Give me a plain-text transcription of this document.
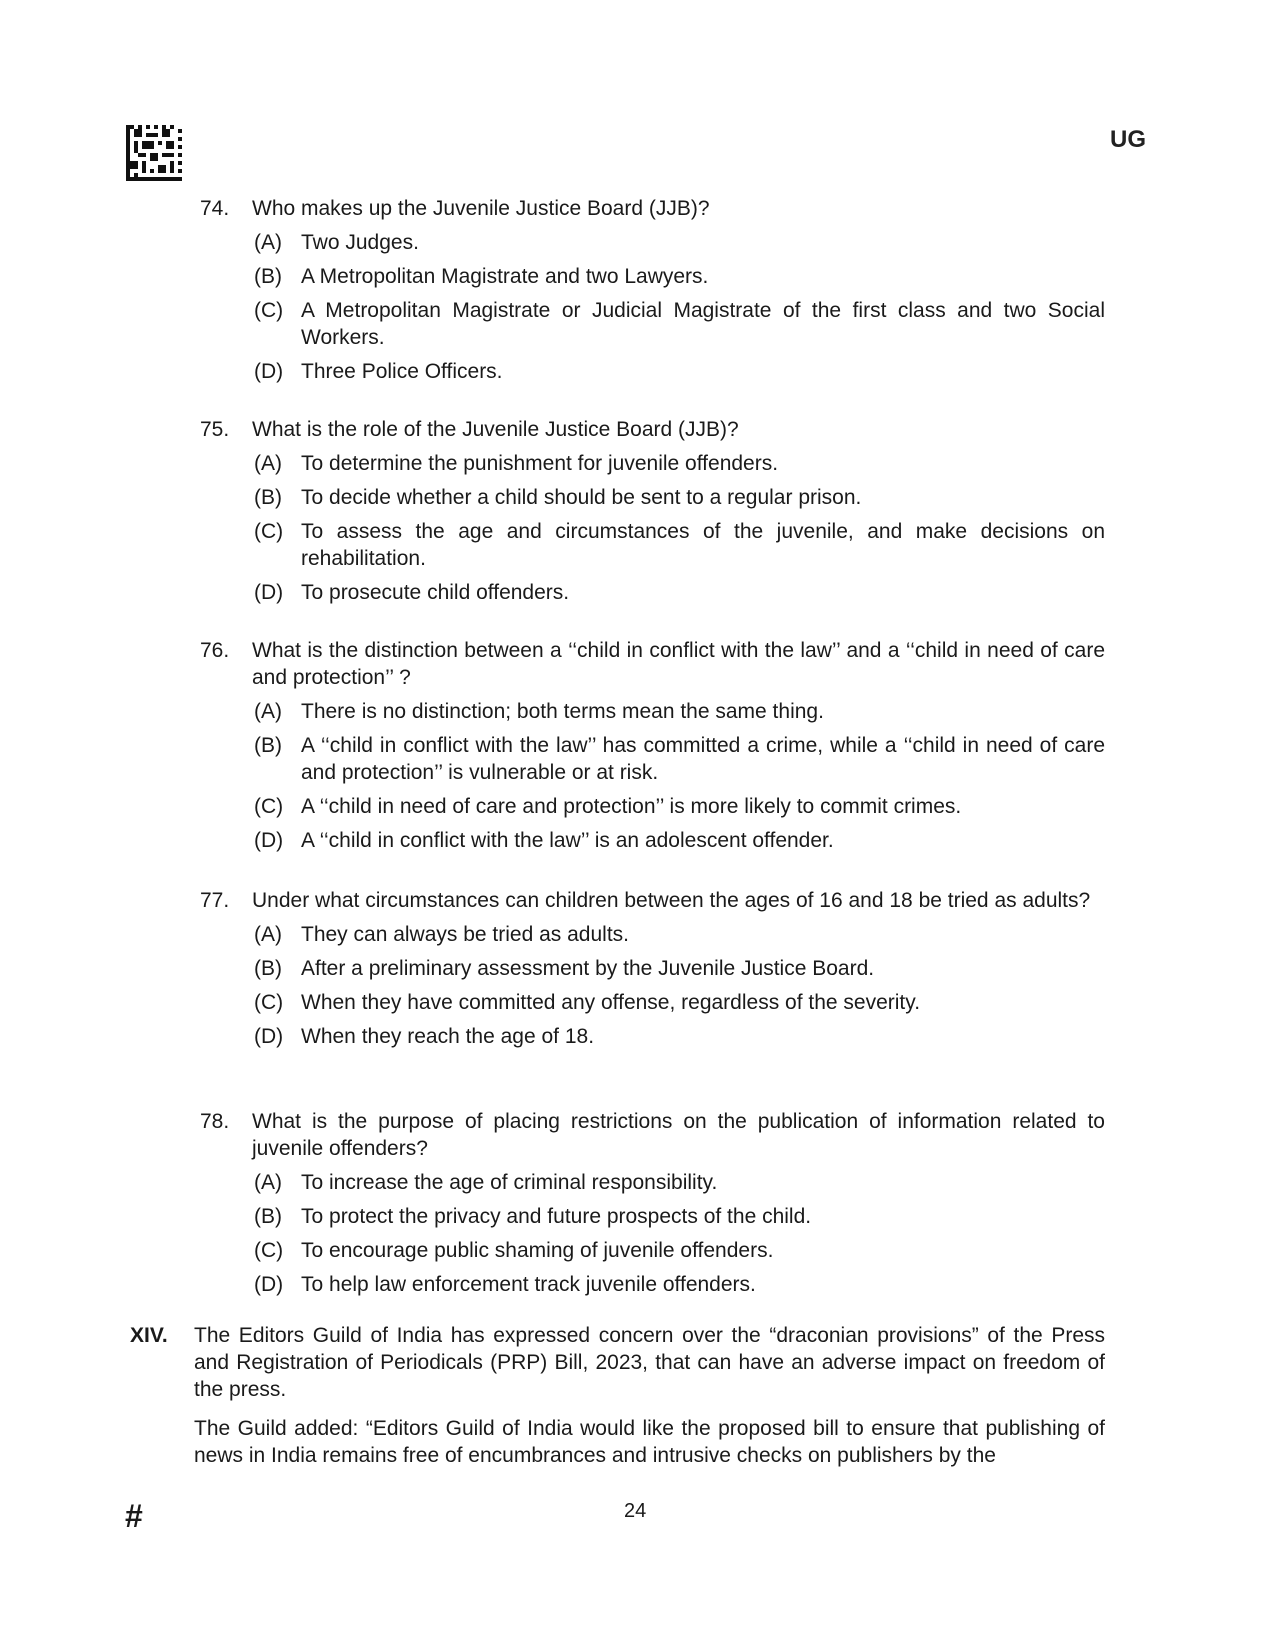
UG
74. Who makes up the Juvenile Justice Board (JJB)?
(A) Two Judges.
(B) A Metropolitan Magistrate and two Lawyers.
(C) A Metropolitan Magistrate or Judicial Magistrate of the first class and two Social Workers.
(D) Three Police Officers.
75. What is the role of the Juvenile Justice Board (JJB)?
(A) To determine the punishment for juvenile offenders.
(B) To decide whether a child should be sent to a regular prison.
(C) To assess the age and circumstances of the juvenile, and make decisions on rehabilitation.
(D) To prosecute child offenders.
76. What is the distinction between a ‘‘child in conflict with the law’’ and a ‘‘child in need of care and protection’’ ?
(A) There is no distinction; both terms mean the same thing.
(B) A ‘‘child in conflict with the law’’ has committed a crime, while a ‘‘child in need of care and protection’’ is vulnerable or at risk.
(C) A ‘‘child in need of care and protection’’ is more likely to commit crimes.
(D) A ‘‘child in conflict with the law’’ is an adolescent offender.
77. Under what circumstances can children between the ages of 16 and 18 be tried as adults?
(A) They can always be tried as adults.
(B) After a preliminary assessment by the Juvenile Justice Board.
(C) When they have committed any offense, regardless of the severity.
(D) When they reach the age of 18.
78. What is the purpose of placing restrictions on the publication of information related to juvenile offenders?
(A) To increase the age of criminal responsibility.
(B) To protect the privacy and future prospects of the child.
(C) To encourage public shaming of juvenile offenders.
(D) To help law enforcement track juvenile offenders.
XIV.	The Editors Guild of India has expressed concern over the “draconian provisions” of the Press and Registration of Periodicals (PRP) Bill, 2023, that can have an adverse impact on freedom of the press.
The Guild added: “Editors Guild of India would like the proposed bill to ensure that publishing of news in India remains free of encumbrances and intrusive checks on publishers by the
#	24
